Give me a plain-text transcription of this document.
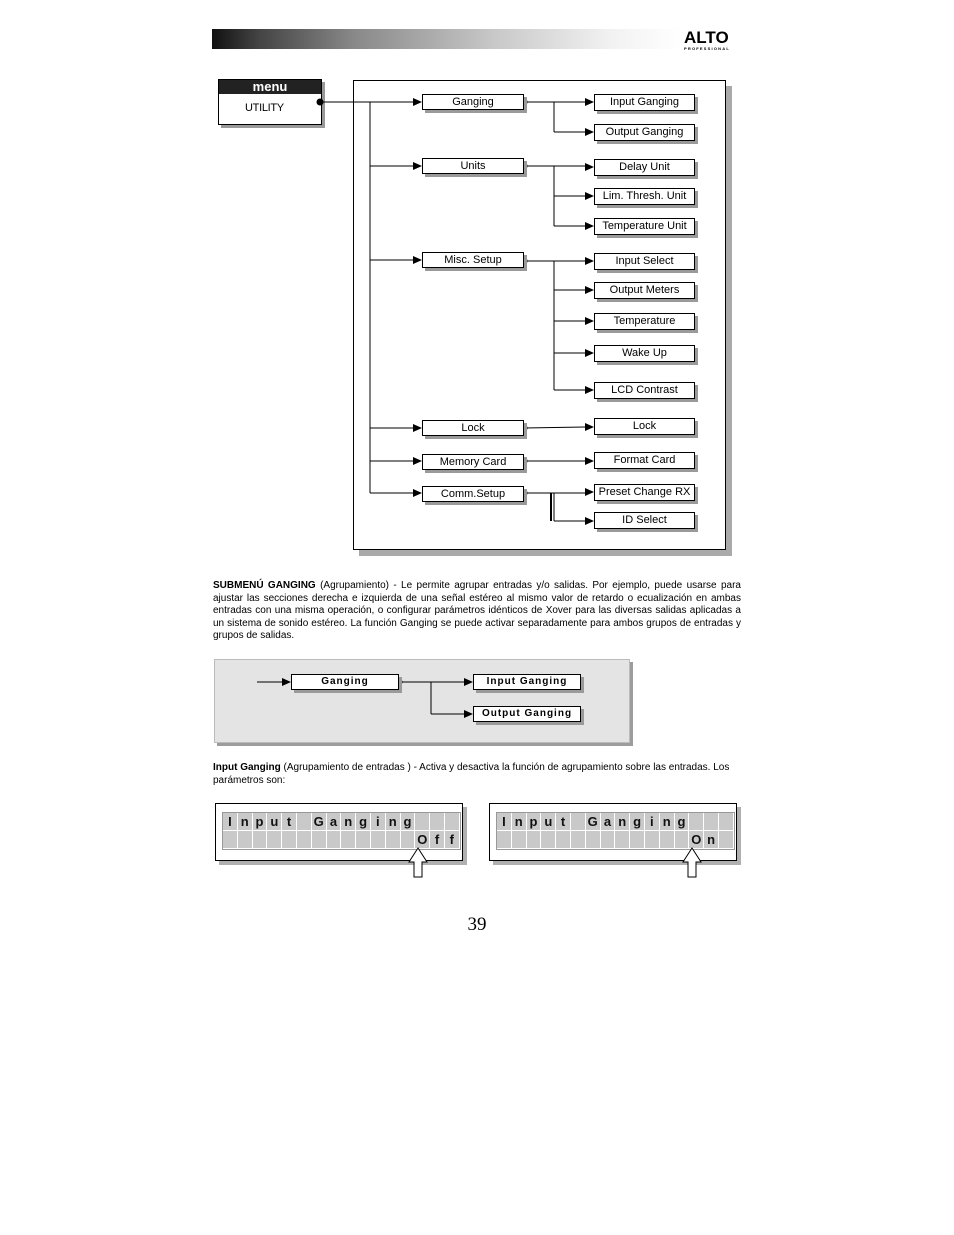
ALTO
PROFESSIONAL
menu
UTILITY	Ganging
Units
Misc. Setup
Lock
Memory Card
Comm.Setup
Input Ganging
Output Ganging
Delay Unit
Lim. Thresh. Unit
Temperature Unit
Input Select
Output Meters
Temperature
Wake Up
LCD Contrast
Lock
Format Card
Preset Change RX
ID Select
SUBMENÚ GANGING (Agrupamiento) - Le permite agrupar entradas y/o salidas. Por ejemplo, puede usarse para ajustar las secciones derecha e izquierda de una señal estéreo al mismo valor de retardo o ecualización en ambas entradas con una misma operación, o configurar parámetros idénticos de Xover para las diversas salidas aplicadas a un sistema de sonido estéreo. La función Ganging se puede activar separadamente para ambos grupos de entradas y grupos de salidas.
Ganging	Input Ganging
Output Ganging
Input Ganging (Agrupamiento de entradas ) - Activa y desactiva la función de agrupamiento sobre las entradas. Los parámetros son:
I n p u t	G a n g i n g
O f f
I n p u t	G a n g i n g
O n
39
